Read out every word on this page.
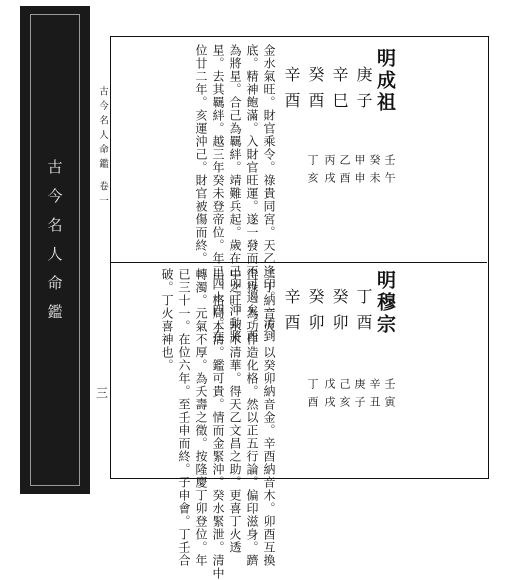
古今名人命鑑
明成祖
庚子
辛巳
癸酉
辛酉
壬午
癸未
甲申
乙酉
丙戌
丁亥
金水氣旺。財官乘令。祿貴同宮。天乙逢印。一清到
底。精神飽滿。入財官旺運。遂一發而不可遏矣。酉
為將星。合己為羈絆。靖難兵起。歲在己卯。沖動將
星。去其羈絆。越三年癸未登帝位。年已四十四。在
位廿二年。亥運沖己。財官被傷而終。
明穆宗
丁酉
癸卯
癸卯
辛酉
壬寅
辛丑
庚子
己亥
戊戌
丁酉
二丁納音火。以癸卯納音金。辛酉納音木。卯酉互換
得祿。為功作造化格。然以正五行論。偏印滋身。躋
中之旺。水木清華。得天乙文昌之助。更喜丁火透
出。格局本清。鑑可貴。情而金緊沖。癸水緊泄。清中
轉濁。元氣不厚。為夭壽之徵。按隆慶丁卯登位。年
已三十一。在位六年。至壬申而終。子申會。丁壬合
破。丁火喜神也。
古今名人命鑑 卷一
三
